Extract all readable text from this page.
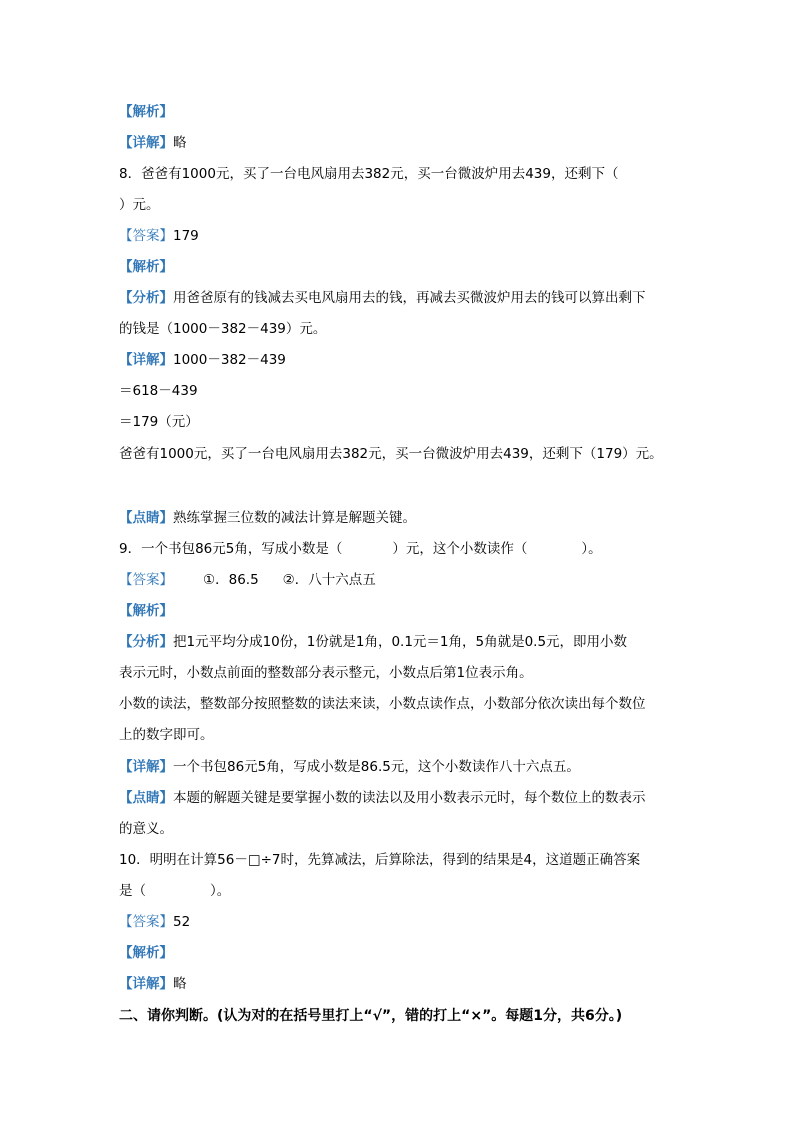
【解析】
【详解】略
8．爸爸有1000元，买了一台电风扇用去382元，买一台微波炉用去439，还剩下（
）元。
【答案】179
【解析】
【分析】用爸爸原有的钱减去买电风扇用去的钱，再减去买微波炉用去的钱可以算出剩下
的钱是（1000－382－439）元。
【详解】1000－382－439
＝618－439
＝179（元）
爸爸有1000元，买了一台电风扇用去382元，买一台微波炉用去439，还剩下（179）元。
【点睛】熟练掌握三位数的减法计算是解题关键。
9．一个书包86元5角，写成小数是（	）元，这个小数读作（	）。
【答案】 ①．86.5 ②．八十六点五
【解析】
【分析】把1元平均分成10份，1份就是1角，0.1元＝1角，5角就是0.5元，即用小数
表示元时，小数点前面的整数部分表示整元，小数点后第1位表示角。
小数的读法，整数部分按照整数的读法来读，小数点读作点，小数部分依次读出每个数位
上的数字即可。
【详解】一个书包86元5角，写成小数是86.5元，这个小数读作八十六点五。
【点睛】本题的解题关键是要掌握小数的读法以及用小数表示元时，每个数位上的数表示
的意义。
10．明明在计算56－□÷7时，先算减法，后算除法，得到的结果是4，这道题正确答案
是（	）。
【答案】52
【解析】
【详解】略
二、请你判断。(认为对的在括号里打上“√”，错的打上“×”。每题1分，共6分。)
